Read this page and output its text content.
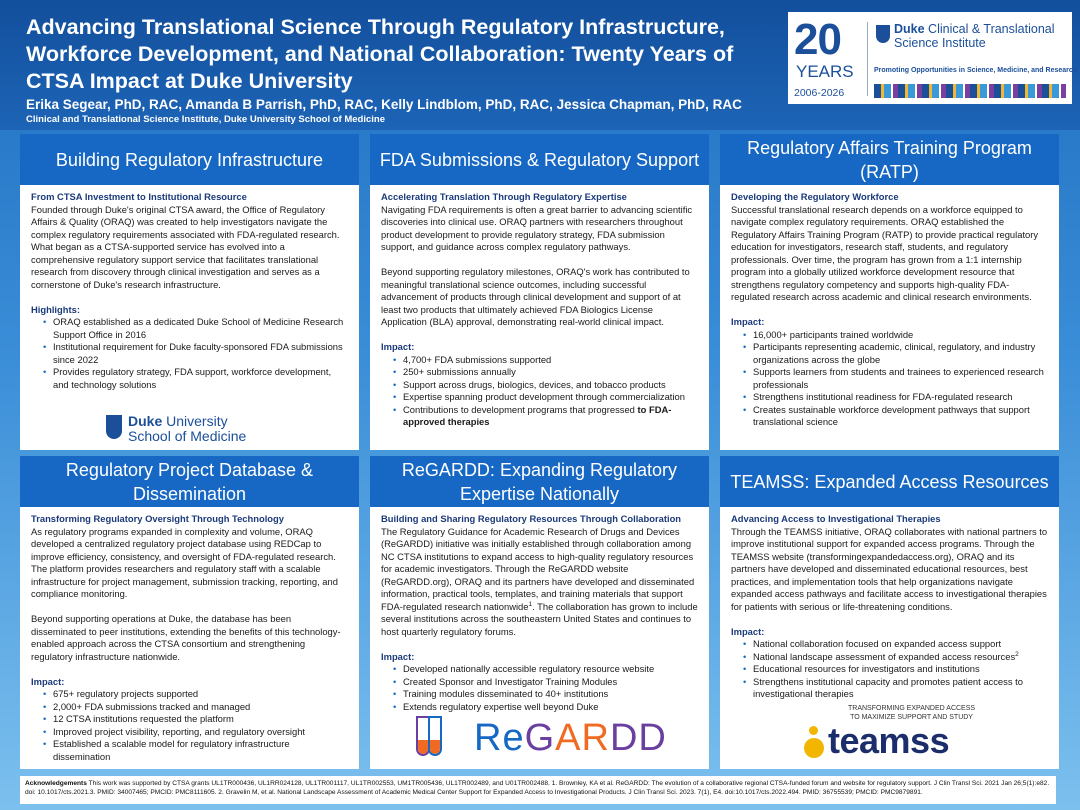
Advancing Translational Science Through Regulatory Infrastructure,
Workforce Development, and National Collaboration: Twenty Years of
CTSA Impact at Duke University
Erika Segear, PhD, RAC, Amanda B Parrish, PhD, RAC, Kelly Lindblom, PhD, RAC, Jessica Chapman, PhD, RAC
Clinical and Translational Science Institute, Duke University School of Medicine
20
YEARS
2006-2026
Duke Clinical & Translational
Science Institute
Promoting Opportunities in Science, Medicine, and Research
Building Regulatory Infrastructure

From CTSA Investment to Institutional Resource

Founded through Duke's original CTSA award, the Office of Regulatory Affairs & Quality (ORAQ) was created to help investigators navigate the complex regulatory requirements associated with FDA-regulated research. What began as a CTSA-supported service has evolved into a comprehensive regulatory support service that facilitates translational research from discovery through clinical investigation and serves as a cornerstone of Duke's research infrastructure.

Highlights:

• ORAQ established as a dedicated Duke School of Medicine Research Support Office in 2016
• Institutional requirement for Duke faculty-sponsored FDA submissions since 2022
• Provides regulatory strategy, FDA support, workforce development, and technology solutions
Duke University
School of Medicine
FDA Submissions & Regulatory Support

Accelerating Translation Through Regulatory Expertise

Navigating FDA requirements is often a great barrier to advancing scientific discoveries into clinical use. ORAQ partners with researchers throughout product development to provide regulatory strategy, FDA submission support, and guidance across complex regulatory pathways.

Beyond supporting regulatory milestones, ORAQ's work has contributed to meaningful translational science outcomes, including successful advancement of products through clinical development and support of at least two products that ultimately achieved FDA Biologics License Application (BLA) approval, demonstrating real-world clinical impact.

Impact:

• 4,700+ FDA submissions supported
• 250+ submissions annually
• Support across drugs, biologics, devices, and tobacco products
• Expertise spanning product development through commercialization
• Contributions to development programs that progressed to FDA-approved therapies
Regulatory Affairs Training Program (RATP)

Developing the Regulatory Workforce

Successful translational research depends on a workforce equipped to navigate complex regulatory requirements. ORAQ established the Regulatory Affairs Training Program (RATP) to provide practical regulatory education for investigators, research staff, students, and regulatory professionals. Over time, the program has grown from a 1:1 internship program into a globally utilized workforce development resource that strengthens regulatory competency and supports high-quality FDA-regulated research across academic and clinical research environments.

Impact:

• 16,000+ participants trained worldwide
• Participants representing academic, clinical, regulatory, and industry organizations across the globe
• Supports learners from students and trainees to experienced research professionals
• Strengthens institutional readiness for FDA-regulated research
• Creates sustainable workforce development pathways that support translational science
Regulatory Project Database & Dissemination

Transforming Regulatory Oversight Through Technology

As regulatory programs expanded in complexity and volume, ORAQ developed a centralized regulatory project database using REDCap to improve efficiency, consistency, and oversight of FDA-regulated research. The platform provides researchers and regulatory staff with a scalable infrastructure for project management, submission tracking, reporting, and compliance monitoring.

Beyond supporting operations at Duke, the database has been disseminated to peer institutions, extending the benefits of this technology-enabled approach across the CTSA consortium and strengthening regulatory infrastructure nationwide.

Impact:

• 675+ regulatory projects supported
• 2,000+ FDA submissions tracked and managed
• 12 CTSA institutions requested the platform
• Improved project visibility, reporting, and regulatory oversight
• Established a scalable model for regulatory infrastructure dissemination
ReGARDD: Expanding Regulatory Expertise Nationally

Building and Sharing Regulatory Resources Through Collaboration

The Regulatory Guidance for Academic Research of Drugs and Devices (ReGARDD) initiative was initially established through collaboration among NC CTSA institutions to expand access to high-quality regulatory resources for academic investigators. Through the ReGARDD website (ReGARDD.org), ORAQ and its partners have developed and disseminated information, practical tools, templates, and training materials that support FDA-regulated research nationwide$^1$. The collaboration has grown to include several institutions across the southeastern United States and continues to host quarterly regulatory forums.

Impact:

• Developed nationally accessible regulatory resource website
• Created Sponsor and Investigator Training Modules
• Training modules disseminated to 40+ institutions
• Extends regulatory expertise well beyond Duke
ReGARDD
TEAMSS: Expanded Access Resources

Advancing Access to Investigational Therapies

Through the TEAMSS initiative, ORAQ collaborates with national partners to improve institutional support for expanded access programs. Through the TEAMSS website (transformingexpandedaccess.org), ORAQ and its partners have developed and disseminated educational resources, best practices, and implementation tools that help organizations navigate expanded access pathways and facilitate access to investigational therapies for patients with serious or life-threatening conditions.

Impact:

• National collaboration focused on expanded access support
• National landscape assessment of expanded access resources$^2$
• Educational resources for investigators and institutions
• Strengthens institutional capacity and promotes patient access to investigational therapies
TRANSFORMING EXPANDED ACCESS
TO MAXIMIZE SUPPORT AND STUDY
teamss
Acknowledgements This work was supported by CTSA grants UL1TR000436, UL1RR024128, UL1TR001117, UL1TR002553, UM1TR005436, UL1TR002489, and U01TR002488. 1. Brownley, KA et al. ReGARDD: The evolution of a collaborative regional CTSA-funded forum and website for regulatory support. J Clin Transl Sci. 2021 Jan 26;5(1):e82. doi: 10.1017/cts.2021.3. PMID: 34007465; PMCID: PMC8111605. 2. Gravelin M, et al. National Landscape Assessment of Academic Medical Center Support for Expanded Access to Investigational Products. J Clin Transl Sci. 2023. 7(1), E4. doi:10.1017/cts.2022.494. PMID: 36755539; PMCID: PMC9879891.
